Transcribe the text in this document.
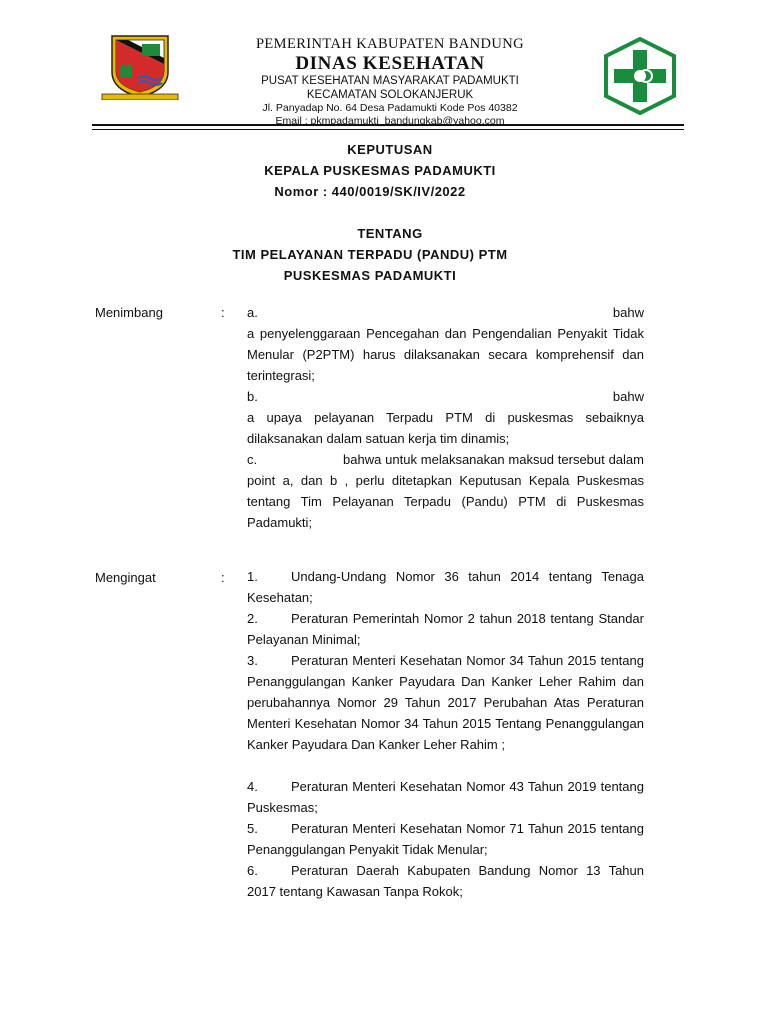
PEMERINTAH KABUPATEN BANDUNG
DINAS KESEHATAN
PUSAT KESEHATAN MASYARAKAT PADAMUKTI
KECAMATAN SOLOKANJERUK
Jl. Panyadap No. 64 Desa Padamukti Kode Pos 40382
Email : pkmpadamukti_bandungkab@yahoo.com
KEPUTUSAN
KEPALA PUSKESMAS PADAMUKTI
Nomor : 440/0019/SK/IV/2022
TENTANG
TIM PELAYANAN TERPADU (PANDU) PTM
PUSKESMAS PADAMUKTI
Menimbang	: a.	bahw
a penyelenggaraan Pencegahan dan Pengendalian Penyakit Tidak Menular (P2PTM) harus dilaksanakan secara komprehensif dan terintegrasi;
b.	bahw
a upaya pelayanan Terpadu PTM di puskesmas sebaiknya dilaksanakan dalam satuan kerja tim dinamis;
c.	bahwa untuk melaksanakan maksud tersebut dalam point a, dan b , perlu ditetapkan Keputusan Kepala Puskesmas tentang Tim Pelayanan Terpadu (Pandu) PTM di Puskesmas Padamukti;
Mengingat	: 1.	Undang-Undang Nomor 36 tahun 2014 tentang Tenaga Kesehatan;
2.	Peraturan Pemerintah Nomor 2 tahun 2018 tentang Standar Pelayanan Minimal;
3.	Peraturan Menteri Kesehatan Nomor 34 Tahun 2015 tentang Penanggulangan Kanker Payudara Dan Kanker Leher Rahim dan perubahannya Nomor 29 Tahun 2017 Perubahan Atas Peraturan Menteri Kesehatan Nomor 34 Tahun 2015 Tentang Penanggulangan Kanker Payudara Dan Kanker Leher Rahim ;
4.	Peraturan Menteri Kesehatan Nomor 43 Tahun 2019 tentang Puskesmas;
5.	Peraturan Menteri Kesehatan Nomor 71 Tahun 2015 tentang Penanggulangan Penyakit Tidak Menular;
6.	Peraturan Daerah Kabupaten Bandung Nomor 13 Tahun 2017 tentang Kawasan Tanpa Rokok;
